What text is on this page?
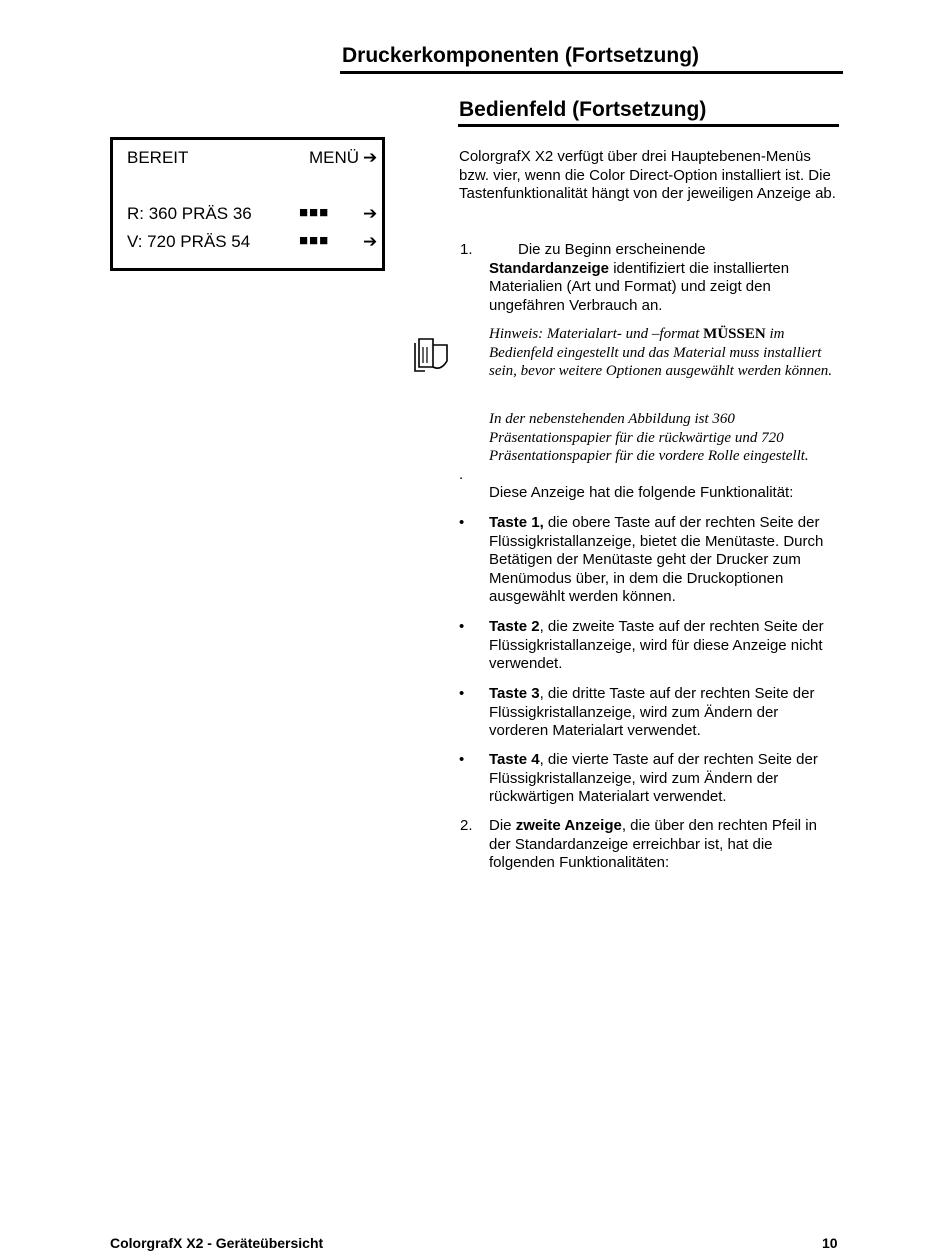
Druckerkomponenten (Fortsetzung)
Bedienfeld (Fortsetzung)
BEREIT	MENÜ ➔
R: 360 PRÄS 36	■■■ ➔
V: 720 PRÄS 54	■■■ ➔
ColorgrafX X2 verfügt über drei Hauptebenen-Menüs bzw. vier, wenn die Color Direct-Option installiert ist. Die Tastenfunktionalität hängt von der jeweiligen Anzeige ab.
1.	Die zu Beginn erscheinende
Standardanzeige identifiziert die installierten Materialien (Art und Format) und zeigt den ungefähren Verbrauch an.
Hinweis: Materialart- und –format MÜSSEN im Bedienfeld eingestellt und das Material muss installiert sein, bevor weitere Optionen ausgewählt werden können.
In der nebenstehenden Abbildung ist 360 Präsentationspapier für die rückwärtige und 720 Präsentationspapier für die vordere Rolle eingestellt.
.
Diese Anzeige hat die folgende Funktionalität:
• Taste 1, die obere Taste auf der rechten Seite der Flüssigkristallanzeige, bietet die Menütaste. Durch Betätigen der Menütaste geht der Drucker zum Menümodus über, in dem die Druckoptionen ausgewählt werden können.
• Taste 2, die zweite Taste auf der rechten Seite der Flüssigkristallanzeige, wird für diese Anzeige nicht verwendet.
• Taste 3, die dritte Taste auf der rechten Seite der Flüssigkristallanzeige, wird zum Ändern der vorderen Materialart verwendet.
• Taste 4, die vierte Taste auf der rechten Seite der Flüssigkristallanzeige, wird zum Ändern der rückwärtigen Materialart verwendet.
2. Die zweite Anzeige, die über den rechten Pfeil in der Standardanzeige erreichbar ist, hat die folgenden Funktionalitäten:
ColorgrafX X2 - Geräteübersicht	10
